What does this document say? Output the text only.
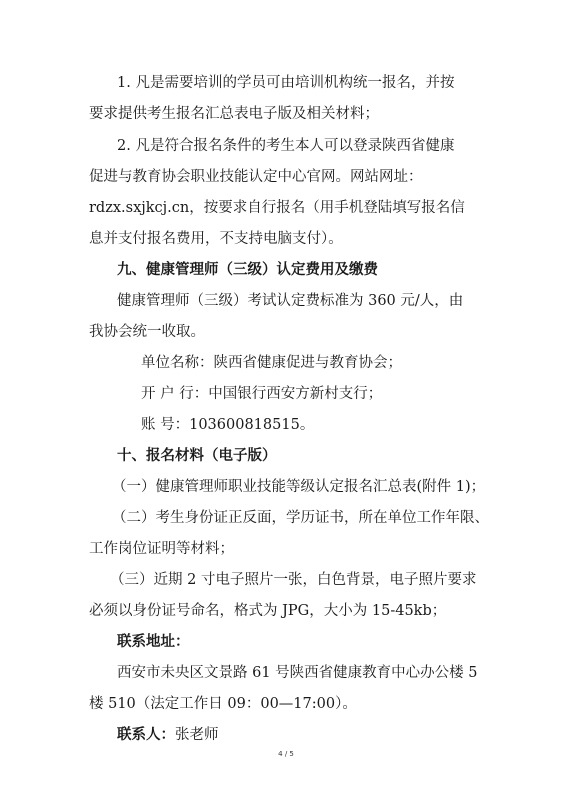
1. 凡是需要培训的学员可由培训机构统一报名，并按
要求提供考生报名汇总表电子版及相关材料；
2. 凡是符合报名条件的考生本人可以登录陕西省健康
促进与教育协会职业技能认定中心官网。网站网址：
rdzx.sxjkcj.cn，按要求自行报名（用手机登陆填写报名信
息并支付报名费用，不支持电脑支付）。
九、健康管理师（三级）认定费用及缴费
健康管理师（三级）考试认定费标准为 360 元/人，由
我协会统一收取。
单位名称：陕西省健康促进与教育协会；
开 户 行：中国银行西安方新村支行；
账 号：103600818515。
十、报名材料（电子版）
（一）健康管理师职业技能等级认定报名汇总表(附件 1)；
（二）考生身份证正反面，学历证书，所在单位工作年限、
工作岗位证明等材料；
（三）近期 2 寸电子照片一张，白色背景，电子照片要求
必须以身份证号命名，格式为 JPG，大小为 15-45kb；
联系地址：
西安市未央区文景路 61 号陕西省健康教育中心办公楼 5
楼 510（法定工作日 09：00—17:00）。
联系人：张老师
4 / 5
